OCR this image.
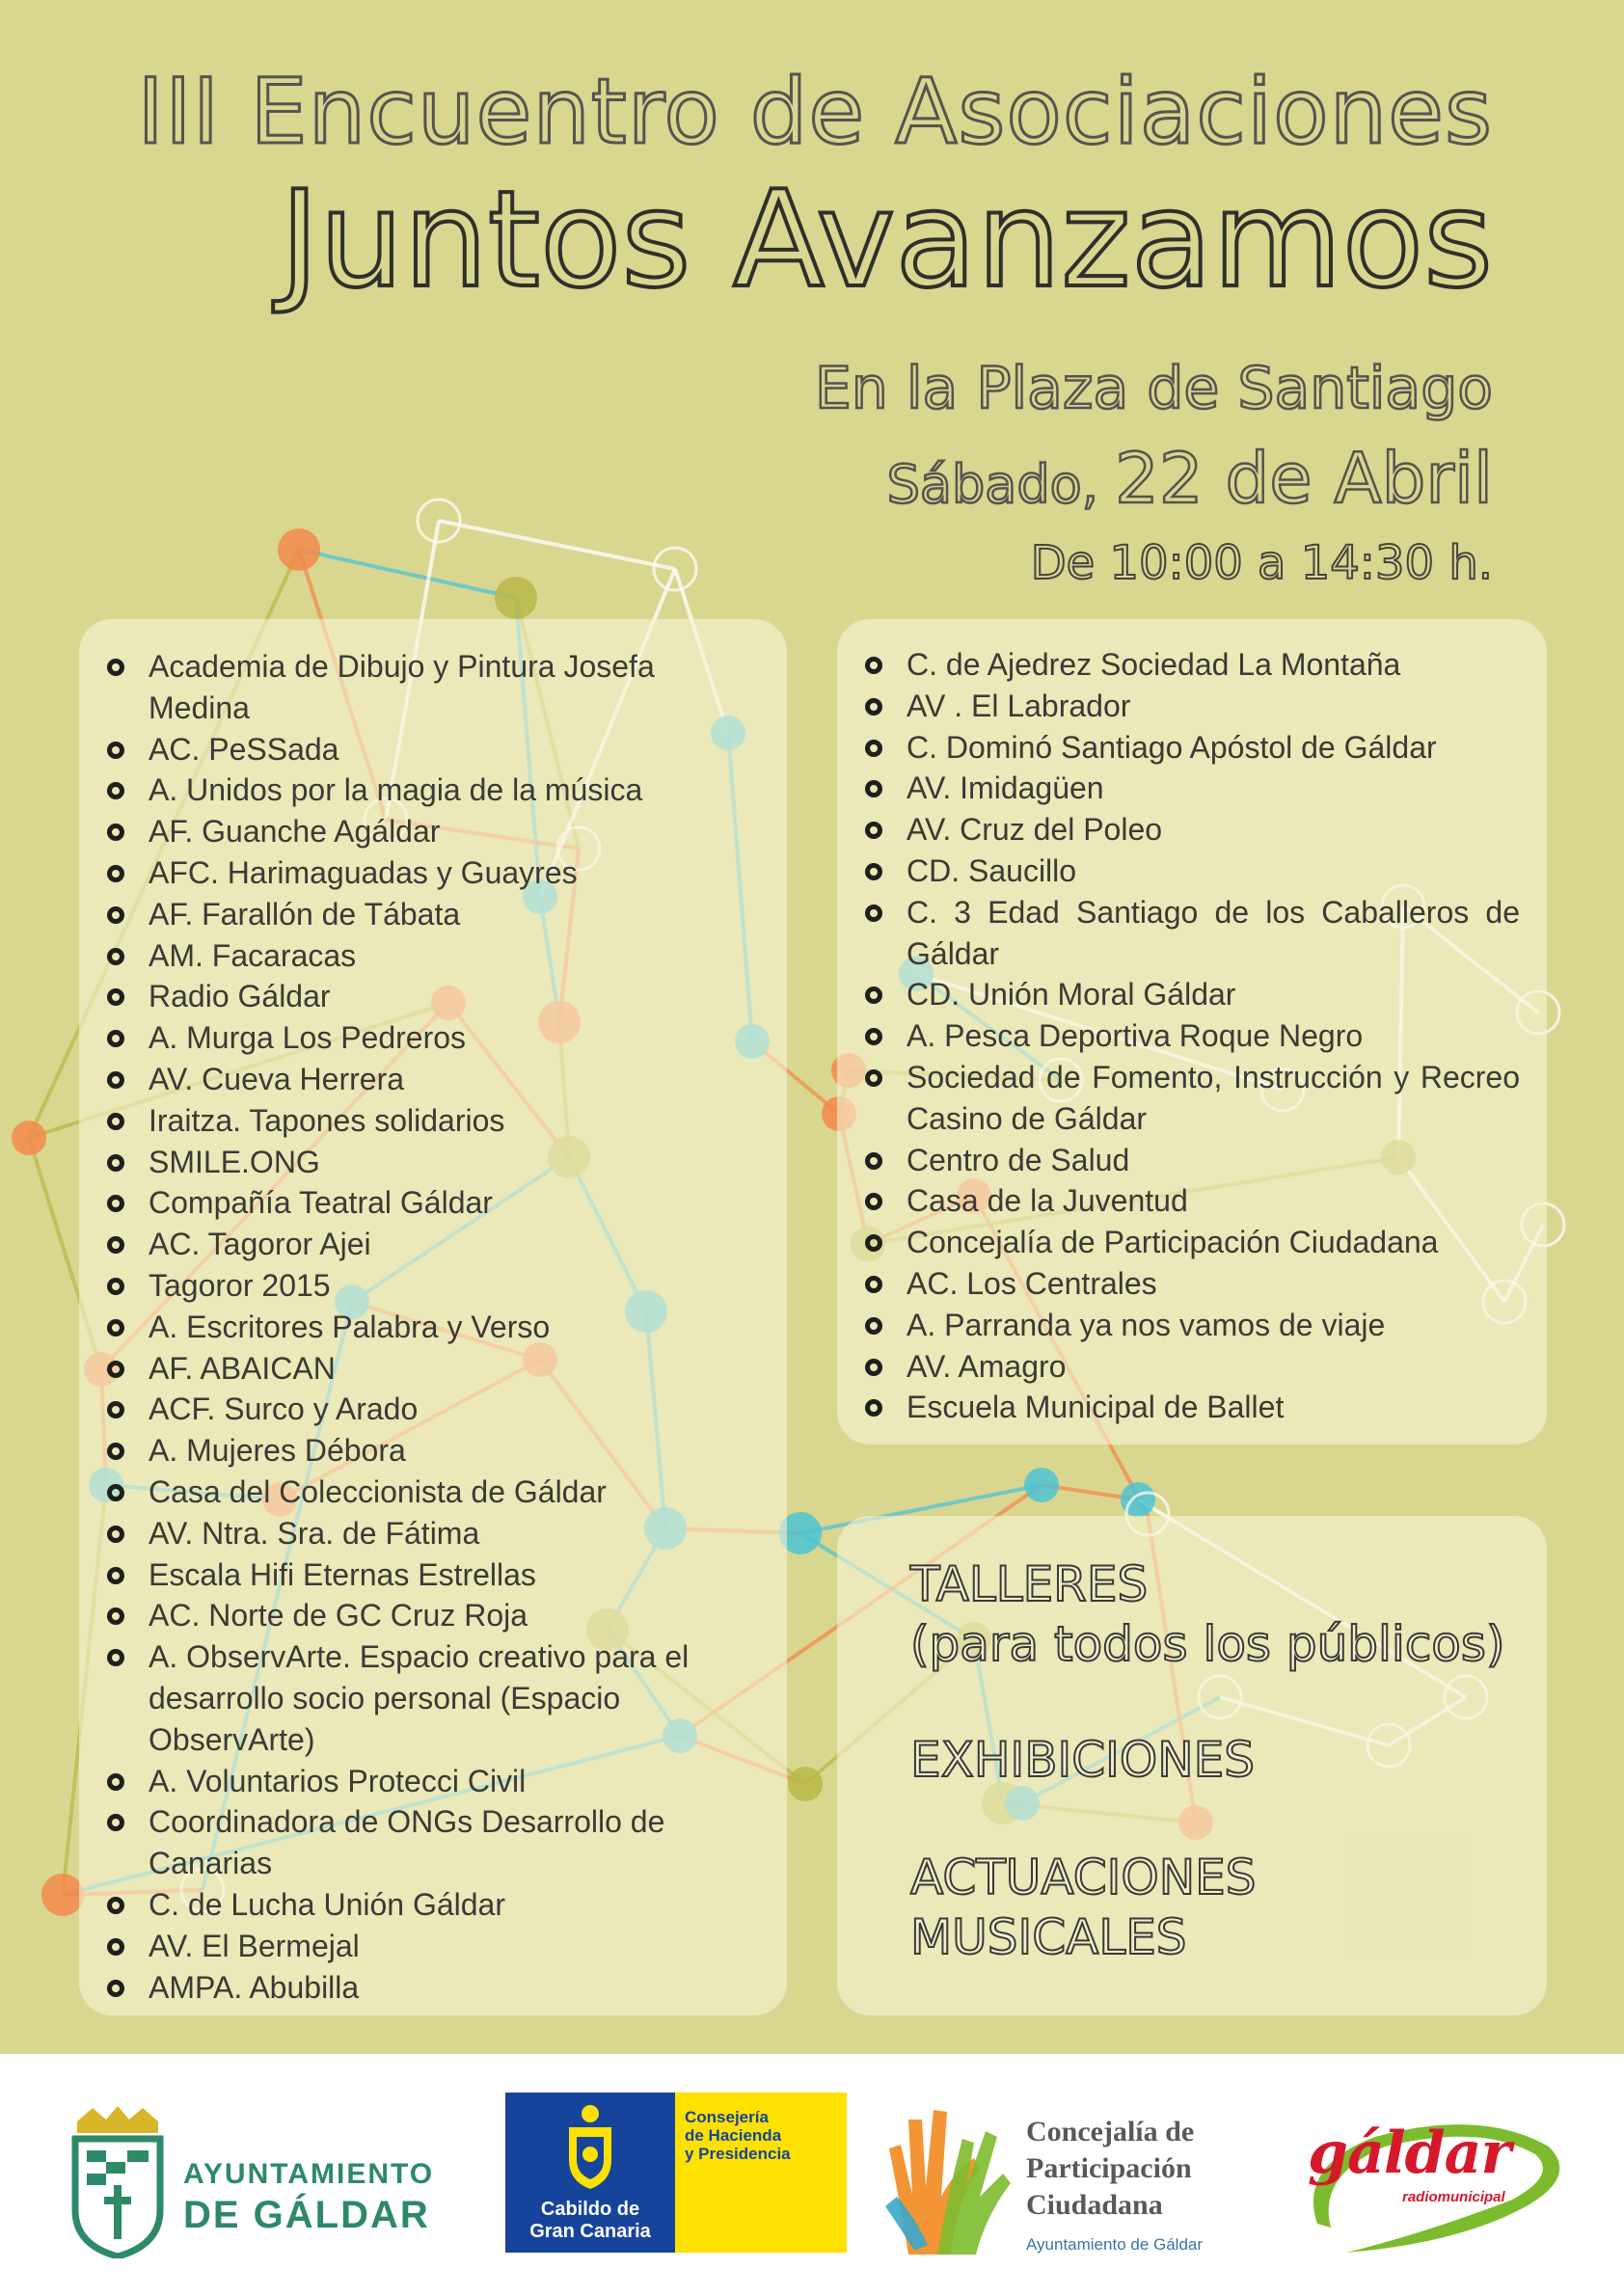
III Encuentro de Asociaciones
Juntos Avanzamos
En la Plaza de Santiago
Sábado, 22 de Abril
De 10:00 a 14:30 h.
Academia de Dibujo y Pintura Josefa Medina
AC. PeSSada
A. Unidos por la magia de la música
AF. Guanche Agáldar
AFC. Harimaguadas y Guayres
AF. Farallón de Tábata
AM. Facaracas
Radio Gáldar
A. Murga Los Pedreros
AV. Cueva Herrera
Iraitza. Tapones solidarios
SMILE.ONG
Compañía Teatral Gáldar
AC. Tagoror Ajei
Tagoror 2015
A. Escritores Palabra y Verso
AF. ABAICAN
ACF. Surco y Arado
A. Mujeres Débora
Casa del Coleccionista de Gáldar
AV. Ntra. Sra. de Fátima
Escala Hifi Eternas Estrellas
AC. Norte de GC Cruz Roja
A. ObservArte. Espacio creativo para el desarrollo socio personal (Espacio ObservArte)
A. Voluntarios Protecci Civil
Coordinadora de ONGs Desarrollo de Canarias
C. de Lucha Unión Gáldar
AV. El Bermejal
AMPA. Abubilla
C. de Ajedrez Sociedad La Montaña
AV . El Labrador
C. Dominó Santiago Apóstol de Gáldar
AV. Imidagüen
AV. Cruz del Poleo
CD. Saucillo
C. 3 Edad Santiago de los Caballeros de Gáldar
CD. Unión Moral Gáldar
A. Pesca Deportiva Roque Negro
Sociedad de Fomento, Instrucción y Recreo Casino de Gáldar
Centro de Salud
Casa de la Juventud
Concejalía de Participación Ciudadana
AC. Los Centrales
A. Parranda ya nos vamos de viaje
AV. Amagro
Escuela Municipal de Ballet
TALLERES
(para todos los públicos)
EXHIBICIONES
ACTUACIONES
MUSICALES
AYUNTAMIENTO
DE GÁLDAR	Cabildo de
Gran Canaria
Consejería
de Hacienda
y Presidencia
Concejalía de
Participación
Ciudadana
Ayuntamiento de Gáldar
gáldar
radiomunicipal
